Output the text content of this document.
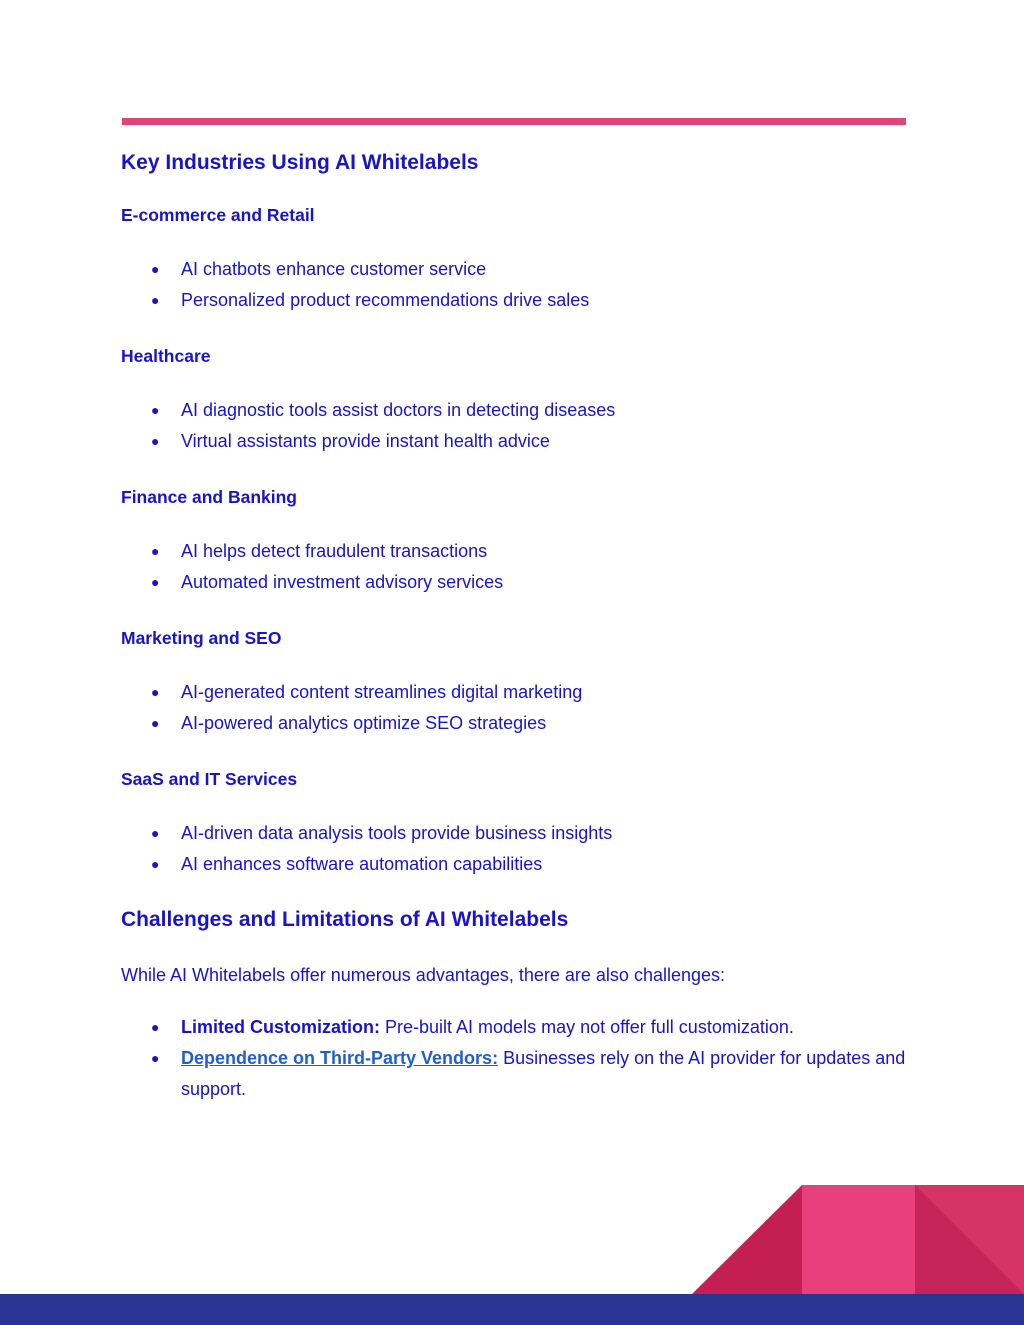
Key Industries Using AI Whitelabels
E-commerce and Retail
● AI chatbots enhance customer service
● Personalized product recommendations drive sales
Healthcare
● AI diagnostic tools assist doctors in detecting diseases
● Virtual assistants provide instant health advice
Finance and Banking
● AI helps detect fraudulent transactions
● Automated investment advisory services
Marketing and SEO
● AI-generated content streamlines digital marketing
● AI-powered analytics optimize SEO strategies
SaaS and IT Services
● AI-driven data analysis tools provide business insights
● AI enhances software automation capabilities
Challenges and Limitations of AI Whitelabels

While AI Whitelabels offer numerous advantages, there are also challenges:

● Limited Customization: Pre-built AI models may not offer full customization.
● Dependence on Third-Party Vendors: Businesses rely on the AI provider for updates and support.
